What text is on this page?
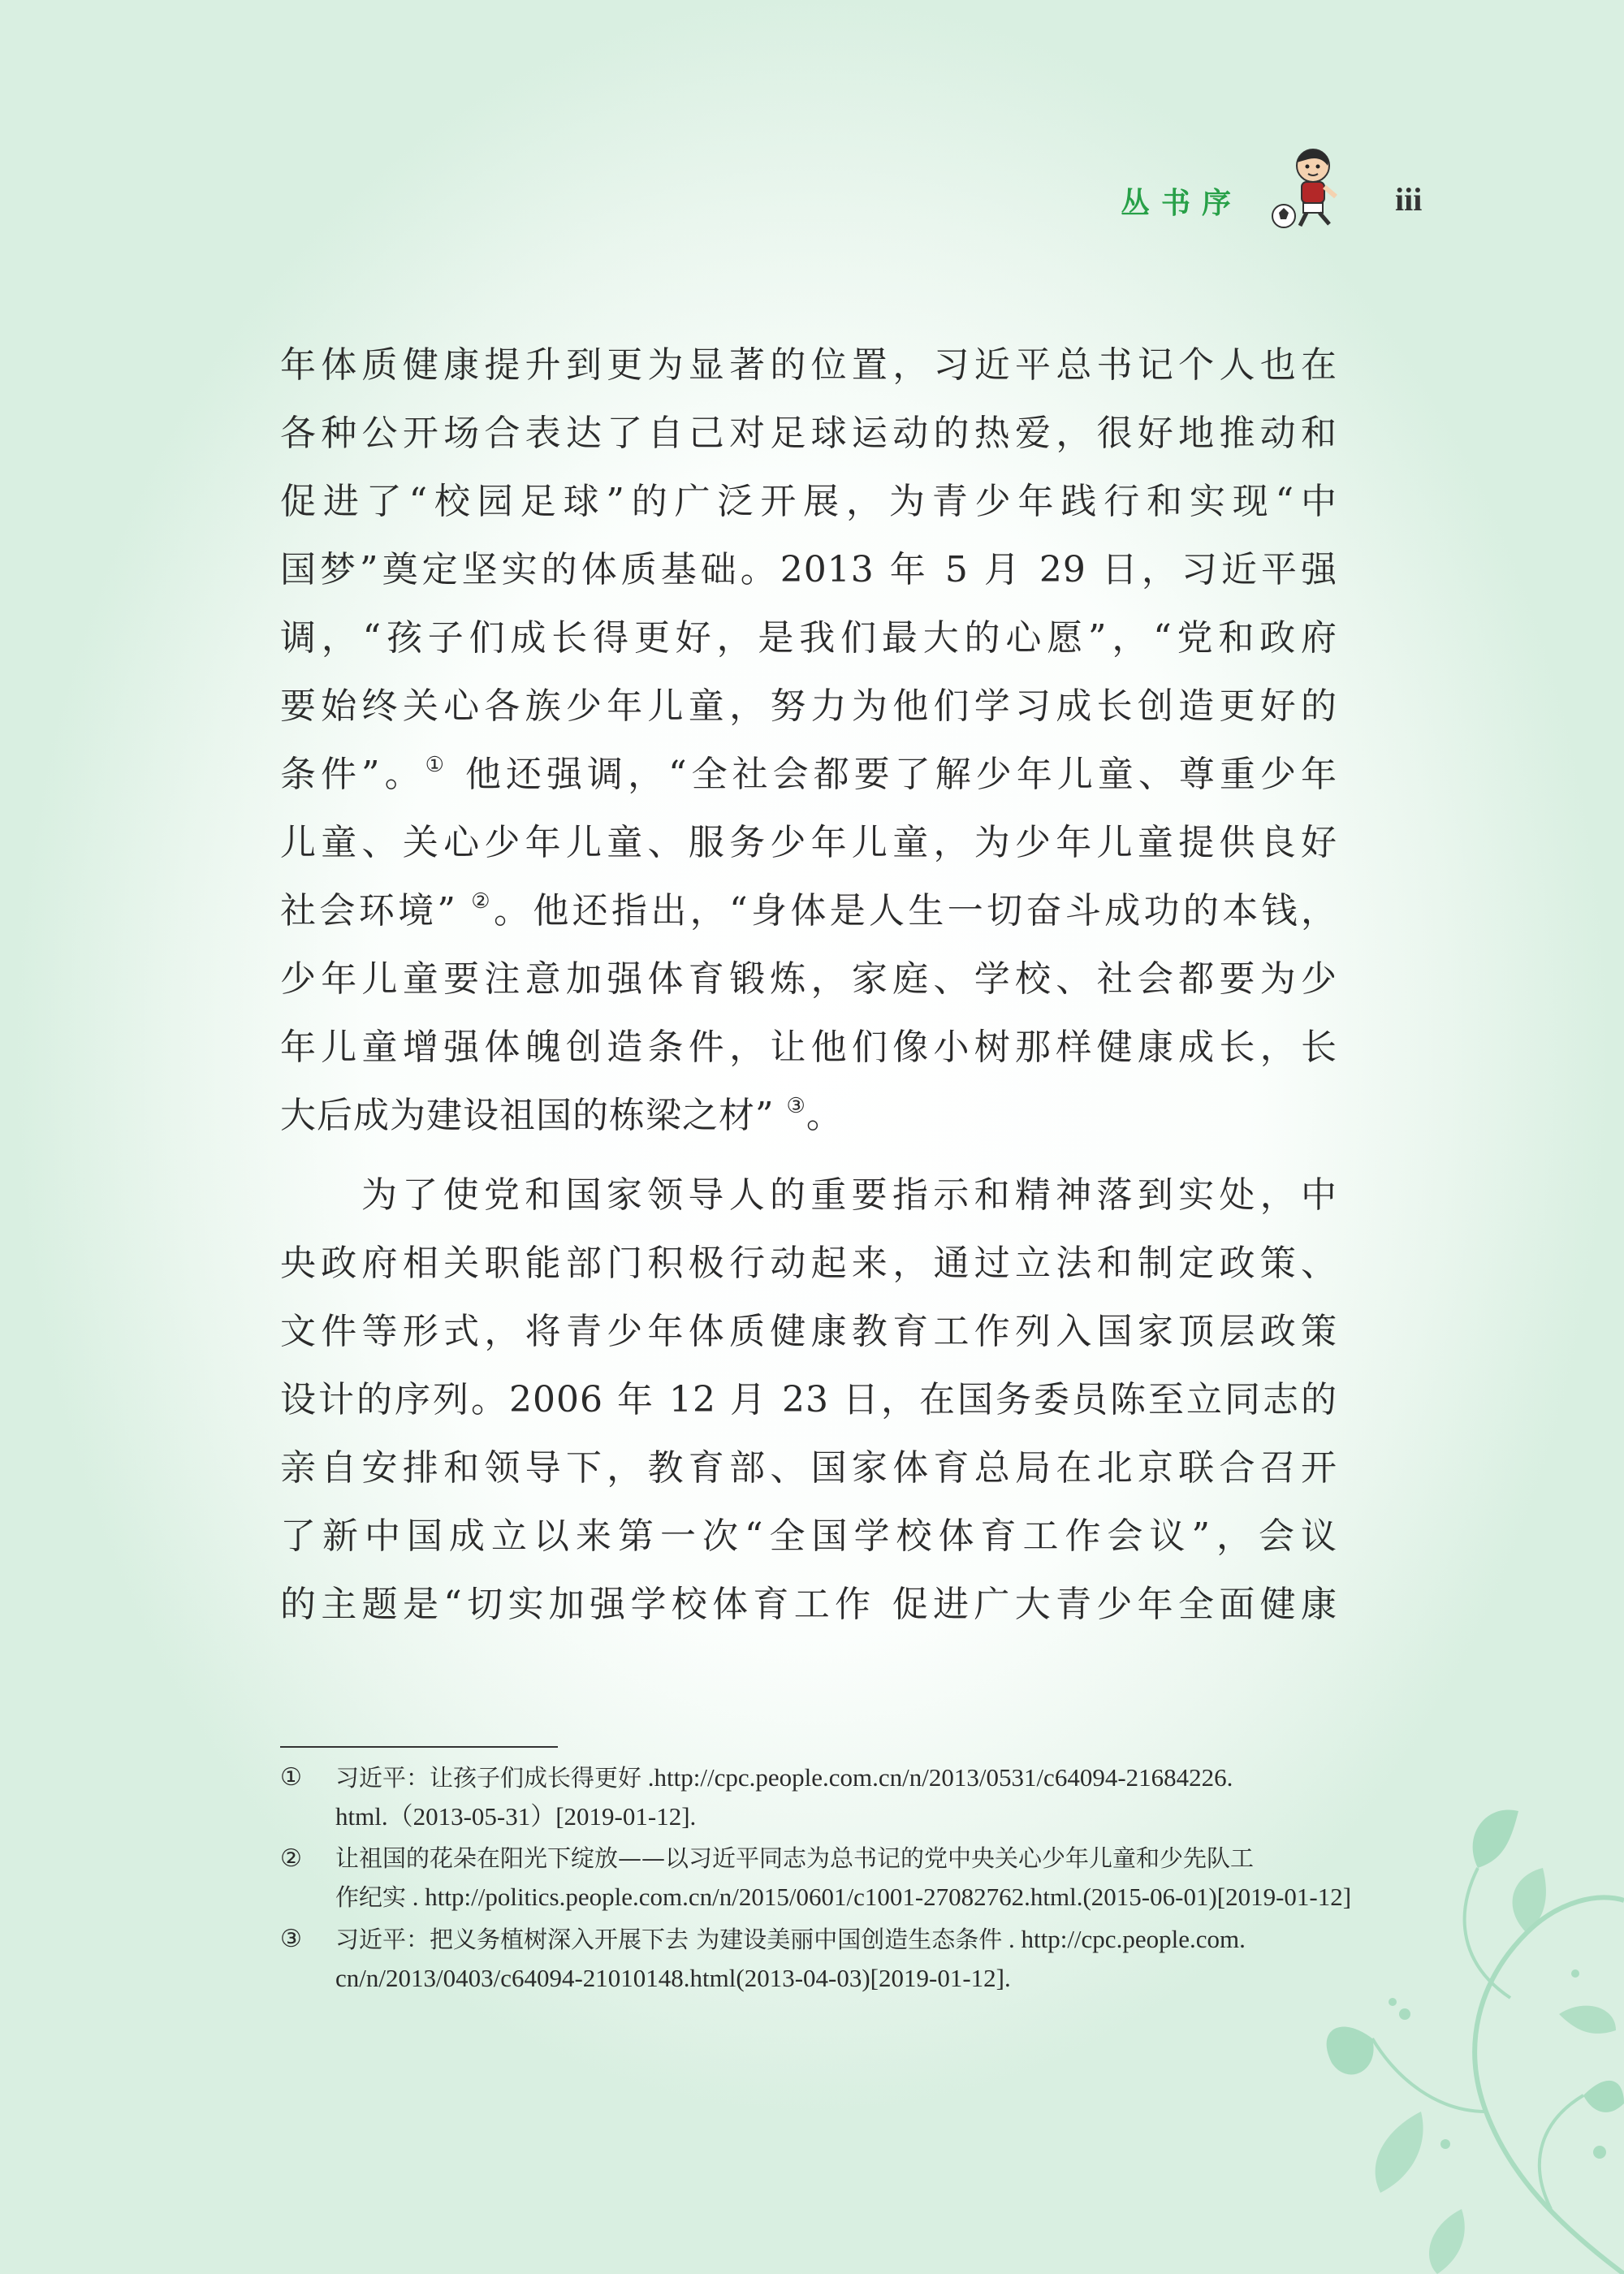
丛书序	iii
年体质健康提升到更为显著的位置，习近平总书记个人也在
各种公开场合表达了自己对足球运动的热爱，很好地推动和
促进了“校园足球”的广泛开展，为青少年践行和实现“中
国梦”奠定坚实的体质基础。2013 年 5 月 29 日，习近平强
调，“孩子们成长得更好，是我们最大的心愿”，“党和政府
要始终关心各族少年儿童，努力为他们学习成长创造更好的
条件”。① 他还强调，“全社会都要了解少年儿童、尊重少年
儿童、关心少年儿童、服务少年儿童，为少年儿童提供良好
社会环境” ②。他还指出，“身体是人生一切奋斗成功的本钱，
少年儿童要注意加强体育锻炼，家庭、学校、社会都要为少
年儿童增强体魄创造条件，让他们像小树那样健康成长，长
大后成为建设祖国的栋梁之材” ③。
为了使党和国家领导人的重要指示和精神落到实处，中
央政府相关职能部门积极行动起来，通过立法和制定政策、
文件等形式，将青少年体质健康教育工作列入国家顶层政策
设计的序列。2006 年 12 月 23 日，在国务委员陈至立同志的
亲自安排和领导下，教育部、国家体育总局在北京联合召开
了新中国成立以来第一次“全国学校体育工作会议”，会议
的主题是“切实加强学校体育工作 促进广大青少年全面健康
① 习近平：让孩子们成长得更好 .http://cpc.people.com.cn/n/2013/0531/c64094-21684226.
html.（2013-05-31）[2019-01-12].
② 让祖国的花朵在阳光下绽放——以习近平同志为总书记的党中央关心少年儿童和少先队工
作纪实 . http://politics.people.com.cn/n/2015/0601/c1001-27082762.html.(2015-06-01)[2019-01-12]
③ 习近平：把义务植树深入开展下去 为建设美丽中国创造生态条件 . http://cpc.people.com.
cn/n/2013/0403/c64094-21010148.html(2013-04-03)[2019-01-12].
